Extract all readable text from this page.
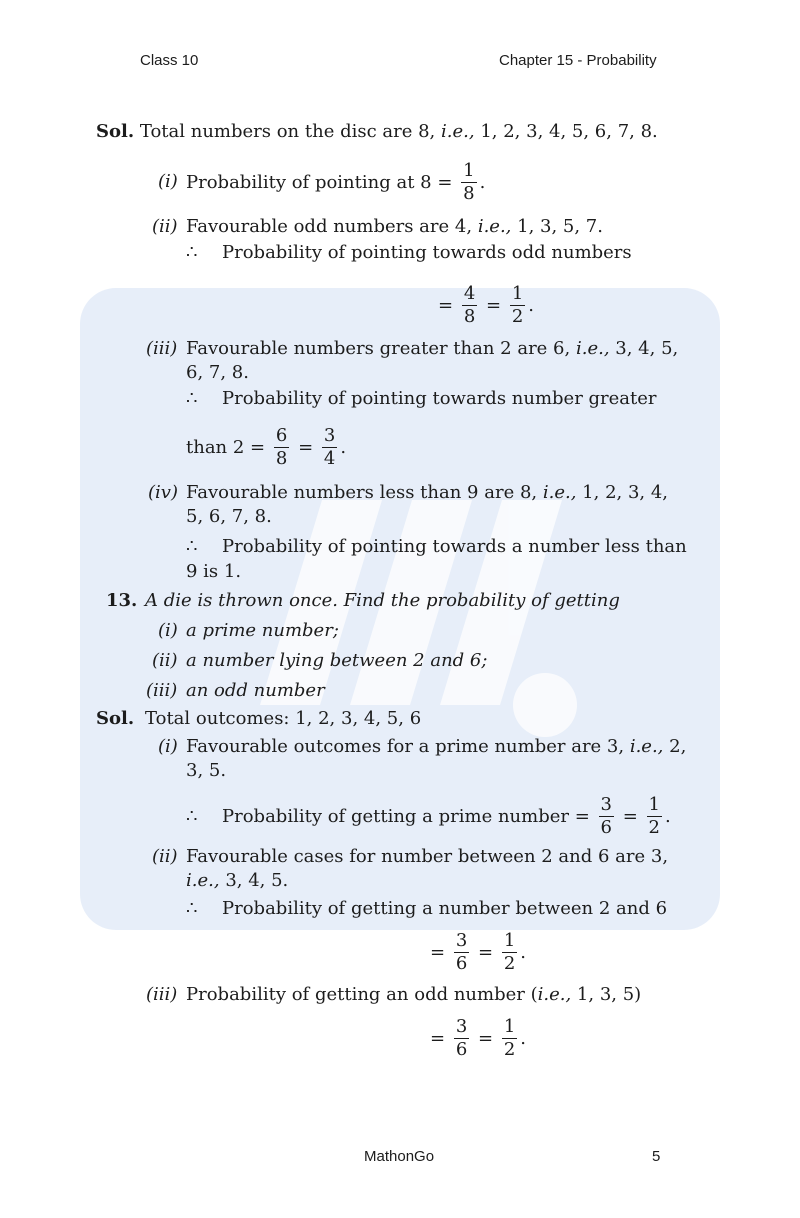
Class 10	Chapter 15 - Probability
Sol. Total numbers on the disc are 8, i.e., 1, 2, 3, 4, 5, 6, 7, 8.
(i) Probability of pointing at $8 = \frac{1}{8}$ .
(ii) Favourable odd numbers are 4, i.e., 1, 3, 5, 7.
∴ Probability of pointing towards odd numbers
= $\frac{4}{8} = \frac{1}{2}$ .
(iii) Favourable numbers greater than 2 are 6, i.e., 3, 4, 5,
6, 7, 8.
∴ Probability of pointing towards number greater
than $2 = \frac{6}{8} = \frac{3}{4}$ .
(iv) Favourable numbers less than 9 are 8, i.e., 1, 2, 3, 4,
5, 6, 7, 8.
∴ Probability of pointing towards a number less than
9 is 1.
13. A die is thrown once. Find the probability of getting
(i) a prime number;
(ii) a number lying between 2 and 6;
(iii) an odd number
Sol. Total outcomes: 1, 2, 3, 4, 5, 6
(i) Favourable outcomes for a prime number are 3, i.e., 2,
3, 5.
∴ Probability of getting a prime number = $\frac{3}{6} = \frac{1}{2}$ .
(ii) Favourable cases for number between 2 and 6 are 3,
i.e., 3, 4, 5.
∴ Probability of getting a number between 2 and 6
= $\frac{3}{6} = \frac{1}{2}$ .
(iii) Probability of getting an odd number (i.e., 1, 3, 5)
= $\frac{3}{6} = \frac{1}{2}$ .
MathonGo	5
